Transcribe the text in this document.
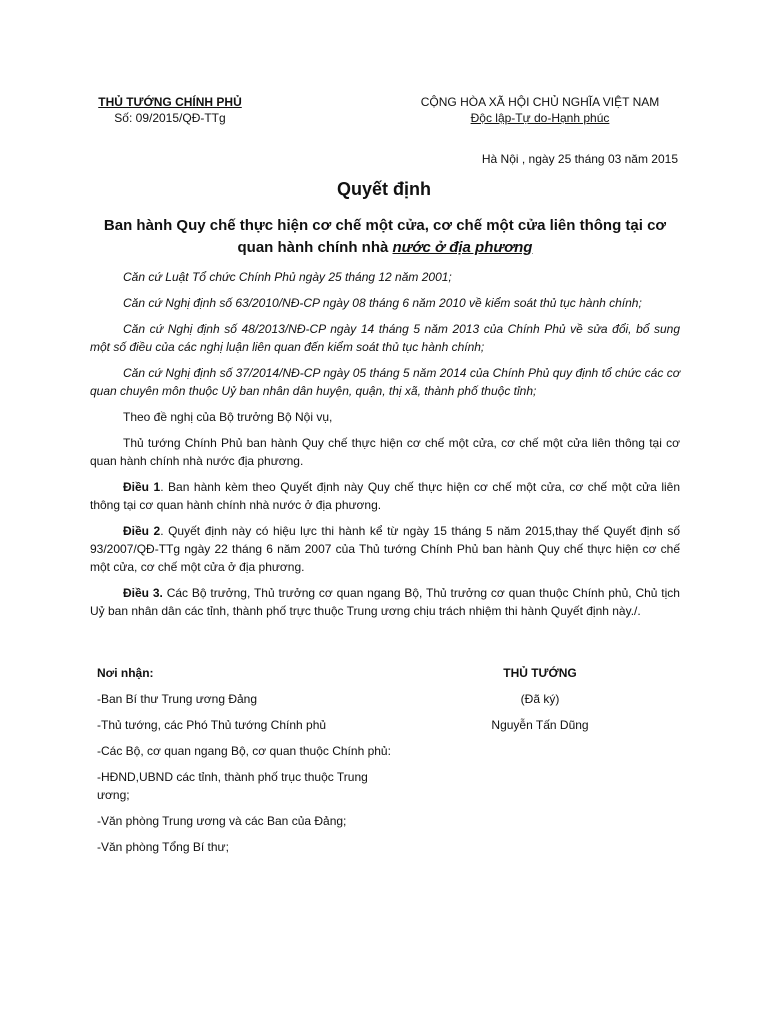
THỦ TƯỚNG CHÍNH PHỦ
Số: 09/2015/QĐ-TTg
CỘNG HÒA XÃ HỘI CHỦ NGHĨA VIỆT NAM
Độc lập-Tự do-Hạnh phúc
Hà Nội , ngày 25 tháng 03 năm 2015
Quyết định
Ban hành Quy chế thực hiện cơ chế một cửa, cơ chế một cửa liên thông tại cơ quan hành chính nhà nước ở địa phương

Căn cứ Luật Tổ chức Chính Phủ ngày 25 tháng 12 năm 2001;

Căn cứ Nghị định số 63/2010/NĐ-CP ngày 08 tháng 6 năm 2010 về kiểm soát thủ tục hành chính;

Căn cứ Nghị định số 48/2013/NĐ-CP ngày 14 tháng 5 năm 2013 của Chính Phủ về sửa đổi, bổ sung một số điều của các nghị luận liên quan đến kiểm soát thủ tục hành chính;

Căn cứ Nghị định số 37/2014/NĐ-CP ngày 05 tháng 5 năm 2014 của Chính Phủ quy định tổ chức các cơ quan chuyên môn thuộc Uỷ ban nhân dân huyện, quận, thị xã, thành phố thuộc tỉnh;

Theo đề nghị của Bộ trưởng Bộ Nội vụ,

Thủ tướng Chính Phủ ban hành Quy chế thực hiện cơ chế một cửa, cơ chế một cửa liên thông tại cơ quan hành chính nhà nước địa phương.

Điều 1. Ban hành kèm theo Quyết định này Quy chế thực hiện cơ chế một cửa, cơ chế một cửa liên thông tại cơ quan hành chính nhà nước ở địa phương.

Điều 2. Quyết định này có hiệu lực thi hành kể từ ngày 15 tháng 5 năm 2015,thay thế Quyết định số 93/2007/QĐ-TTg ngày 22 tháng 6 năm 2007 của Thủ tướng Chính Phủ ban hành Quy chế thực hiện cơ chế một cửa, cơ chế một cửa ở địa phương.

Điều 3. Các Bộ trưởng, Thủ trưởng cơ quan ngang Bộ, Thủ trưởng cơ quan thuộc Chính phủ, Chủ tịch Uỷ ban nhân dân các tỉnh, thành phố trực thuộc Trung ương chịu trách nhiệm thi hành Quyết định này./.

Nơi nhận:
-Ban Bí thư Trung ương Đảng
-Thủ tướng, các Phó Thủ tướng Chính phủ
-Các Bộ, cơ quan ngang Bộ, cơ quan thuộc Chính phủ:
-HĐND,UBND các tỉnh, thành phố trục thuộc Trung ương;
-Văn phòng Trung ương và các Ban của Đảng;
-Văn phòng Tổng Bí thư;
THỦ TƯỚNG
(Đã ký)
Nguyễn Tấn Dũng
